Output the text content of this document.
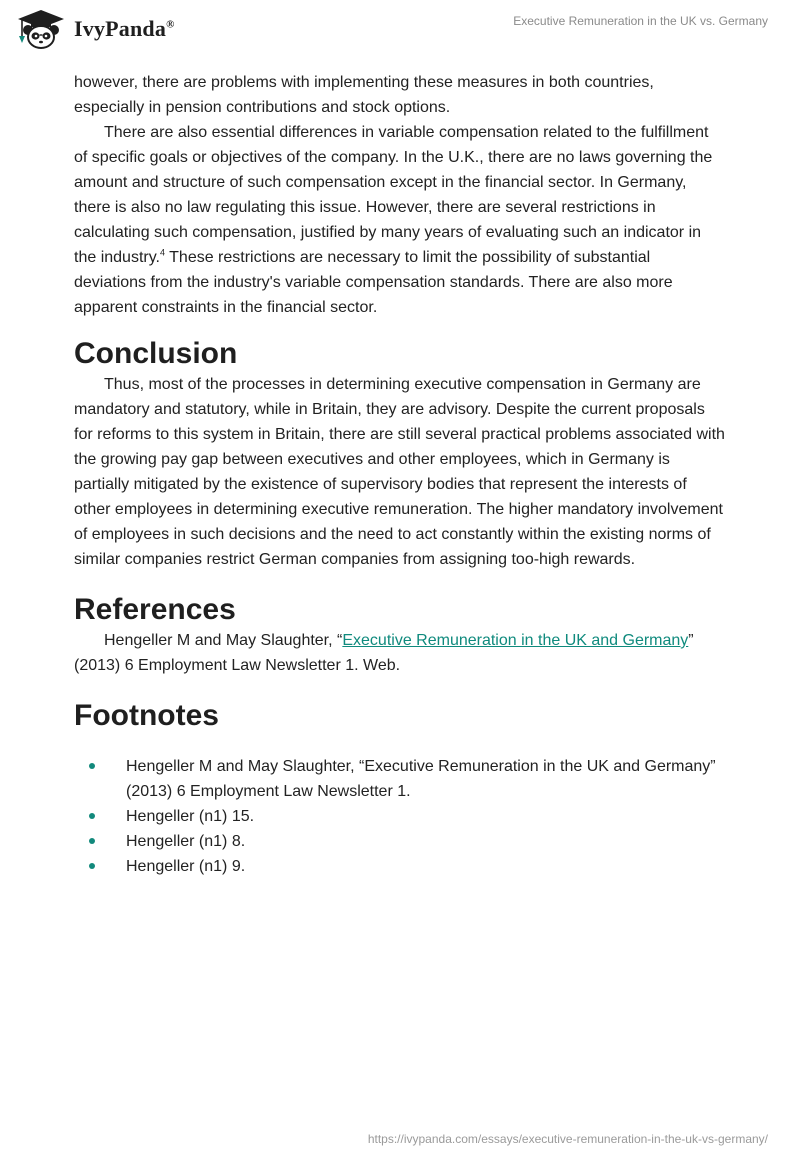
IvyPanda®	Executive Remuneration in the UK vs. Germany

however, there are problems with implementing these measures in both countries, especially in pension contributions and stock options.

There are also essential differences in variable compensation related to the fulfillment of specific goals or objectives of the company. In the U.K., there are no laws governing the amount and structure of such compensation except in the financial sector. In Germany, there is also no law regulating this issue. However, there are several restrictions in calculating such compensation, justified by many years of evaluating such an indicator in the industry.$^4$ These restrictions are necessary to limit the possibility of substantial deviations from the industry's variable compensation standards. There are also more apparent constraints in the financial sector.

Conclusion

Thus, most of the processes in determining executive compensation in Germany are mandatory and statutory, while in Britain, they are advisory. Despite the current proposals for reforms to this system in Britain, there are still several practical problems associated with the growing pay gap between executives and other employees, which in Germany is partially mitigated by the existence of supervisory bodies that represent the interests of other employees in determining executive remuneration. The higher mandatory involvement of employees in such decisions and the need to act constantly within the existing norms of similar companies restrict German companies from assigning too-high rewards.

References

Hengeller M and May Slaughter, “Executive Remuneration in the UK and Germany” (2013) 6 Employment Law Newsletter 1. Web.

Footnotes
Hengeller M and May Slaughter, “Executive Remuneration in the UK and Germany” (2013) 6 Employment Law Newsletter 1.
Hengeller (n1) 15.
Hengeller (n1) 8.
Hengeller (n1) 9.
https://ivypanda.com/essays/executive-remuneration-in-the-uk-vs-germany/
